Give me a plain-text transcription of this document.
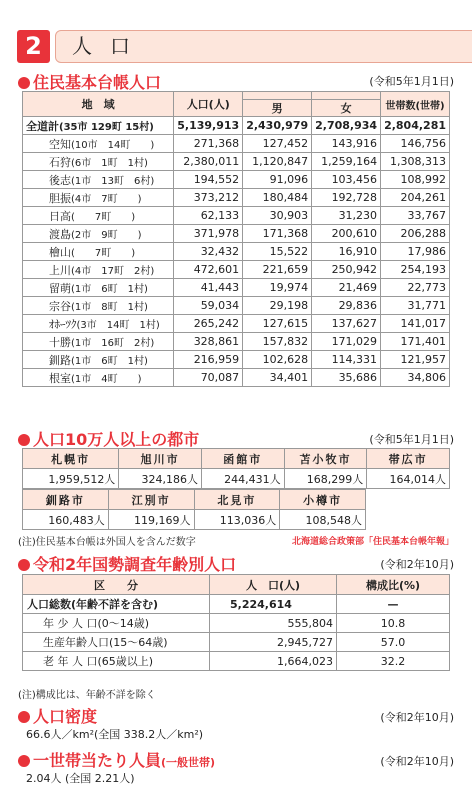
2	人口
住民基本台帳人口	(令和5年1月1日)
地　域	人口(人)			世帯数(世帯)
		男	女	
全道計(35市 129町 15村)	5,139,913	2,430,979	2,708,934	2,804,281
空知(10市　14町　　)	271,368	127,452	143,916	146,756
石狩(6市　1町　1村)	2,380,011	1,120,847	1,259,164	1,308,313
後志(1市　13町　6村)	194,552	91,096	103,456	108,992
胆振(4市　7町　　)	373,212	180,484	192,728	204,261
日高(　　7町　　)	62,133	30,903	31,230	33,767
渡島(2市　9町　　)	371,978	171,368	200,610	206,288
檜山(　　7町　　)	32,432	15,522	16,910	17,986
上川(4市　17町　2村)	472,601	221,659	250,942	254,193
留萌(1市　6町　1村)	41,443	19,974	21,469	22,773
宗谷(1市　8町　1村)	59,034	29,198	29,836	31,771
ｵﾎｰﾂｸ(3市　14町　1村)	265,242	127,615	137,627	141,017
十勝(1市　16町　2村)	328,861	157,832	171,029	171,401
釧路(1市　6町　1村)	216,959	102,628	114,331	121,957
根室(1市　4町　　)	70,087	34,401	35,686	34,806
人口10万人以上の都市	(令和5年1月1日)
札幌市	旭川市	函館市	苫小牧市	帯広市
1,959,512人	324,186人	244,431人	168,299人	164,014人
釧路市	江別市	北見市	小樽市
160,483人	119,169人	113,036人	108,548人
(注)住民基本台帳は外国人を含んだ数字	北海道総合政策部「住民基本台帳年報」
令和2年国勢調査年齢別人口	(令和2年10月)
区　　分	人　口(人)	構成比(%)
人口総数(年齢不詳を含む)	5,224,614	—
年 少 人 口(0～14歳)	555,804	10.8
生産年齢人口(15～64歳)	2,945,727	57.0
老 年 人 口(65歳以上)	1,664,023	32.2
(注)構成比は、年齢不詳を除く
人口密度	(令和2年10月)
66.6人／km²(全国 338.2人／km²)
一世帯当たり人員(一般世帯)	(令和2年10月)
2.04人 (全国 2.21人)
